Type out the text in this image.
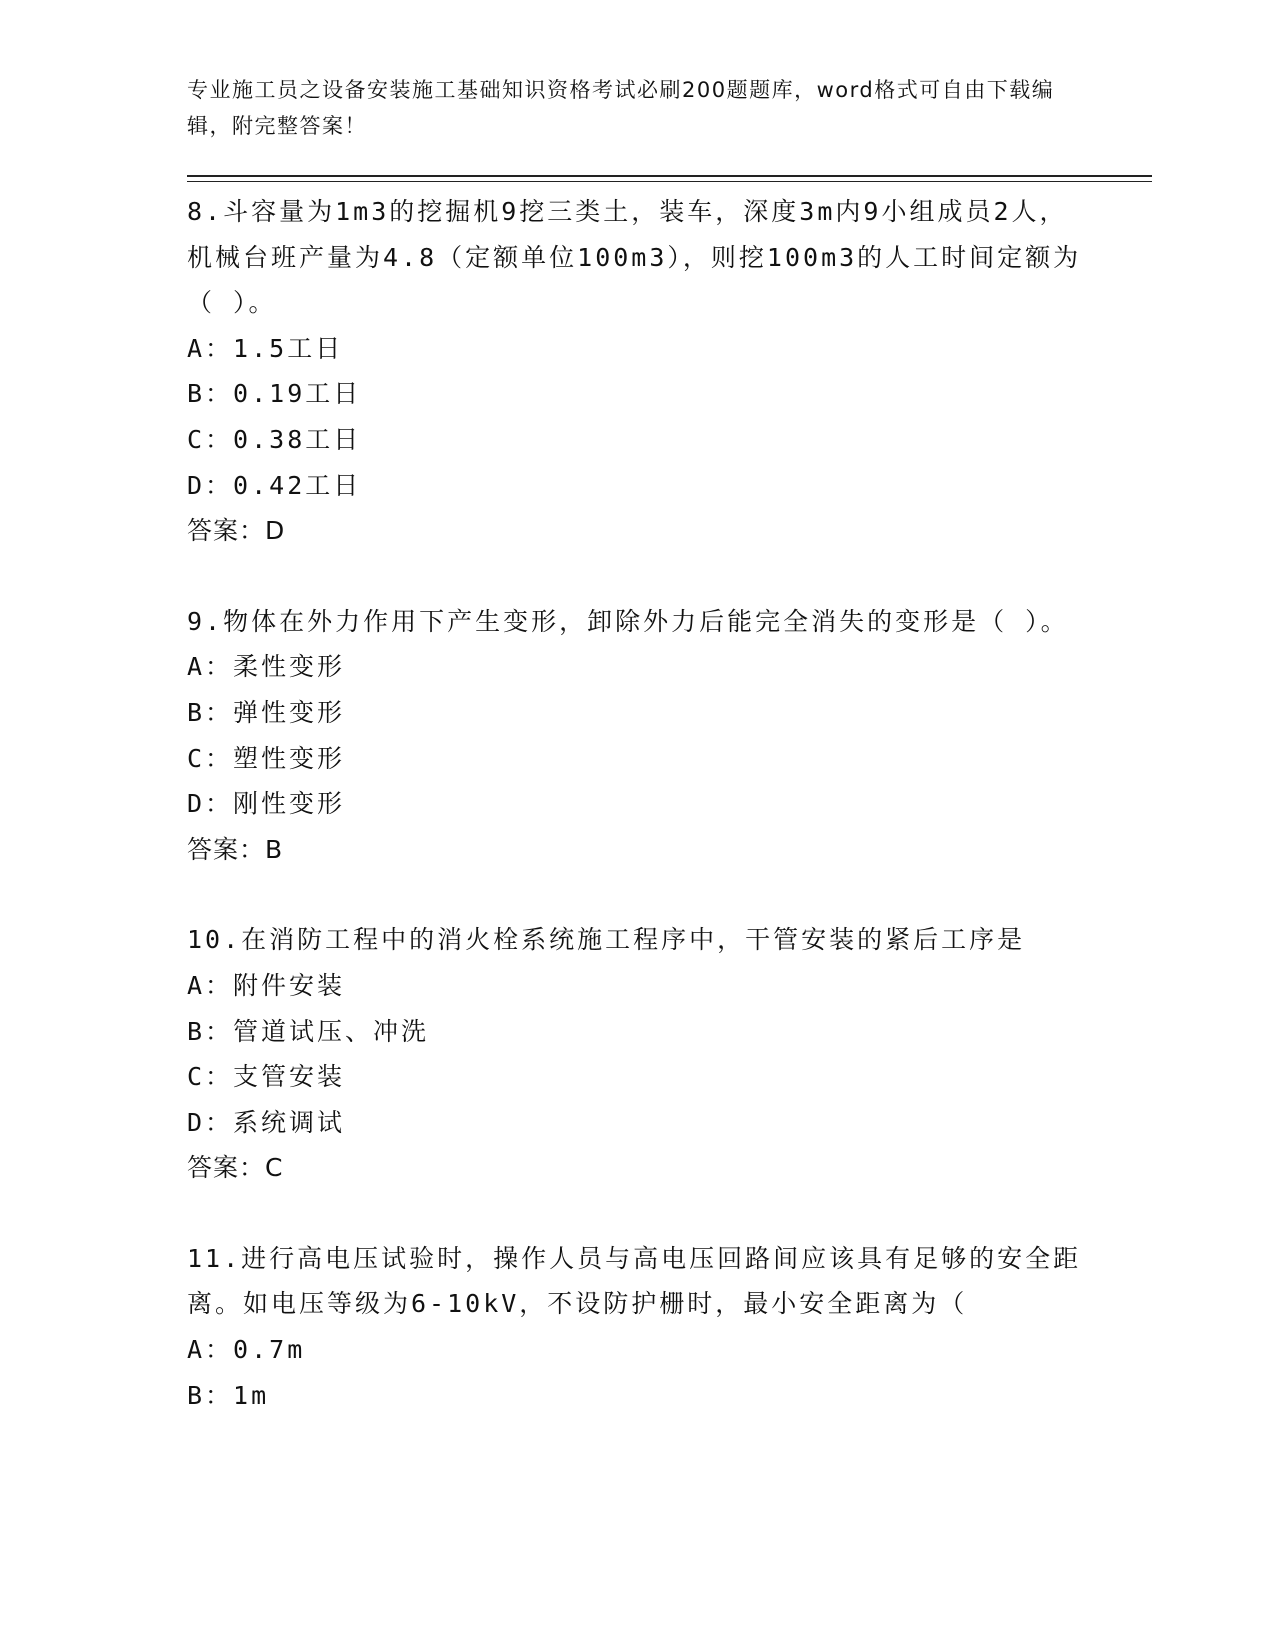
专业施工员之设备安装施工基础知识资格考试必刷200题题库，word格式可自由下载编辑，附完整答案！

8.斗容量为1m3的挖掘机9挖三类土，装车，深度3m内9小组成员2人，机械台班产量为4.8（定额单位100m3），则挖100m3的人工时间定额为（ ）。

A：1.5工日

B：0.19工日

C：0.38工日

D：0.42工日

答案：D

9.物体在外力作用下产生变形，卸除外力后能完全消失的变形是（ ）。

A：柔性变形

B：弹性变形

C：塑性变形

D：刚性变形

答案：B

10.在消防工程中的消火栓系统施工程序中，干管安装的紧后工序是

A：附件安装

B：管道试压、冲洗

C：支管安装

D：系统调试

答案：C

11.进行高电压试验时，操作人员与高电压回路间应该具有足够的安全距离。如电压等级为6-10kV，不设防护栅时，最小安全距离为（

A：0.7m

B：1m
